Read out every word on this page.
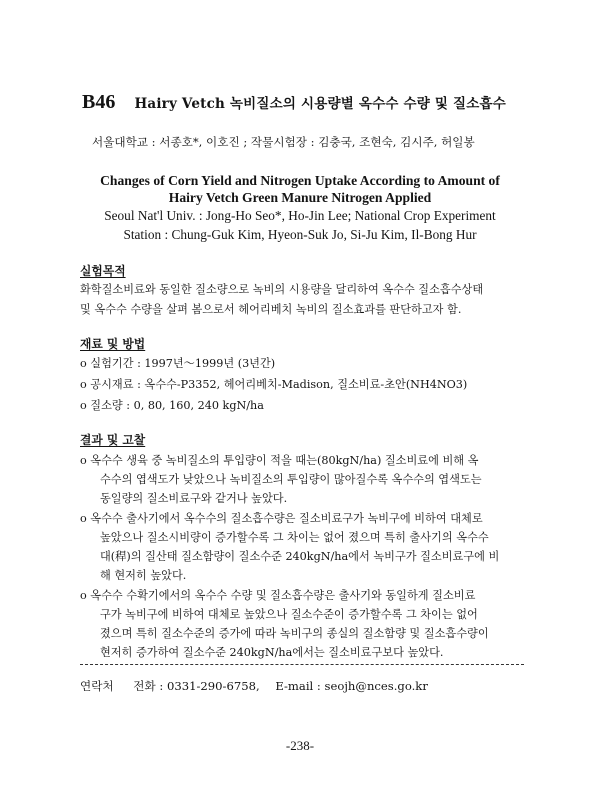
B46 Hairy Vetch 녹비질소의 시용량별 옥수수 수량 및 질소흡수
서울대학교 : 서종호*, 이호진 ; 작물시험장 : 김충국, 조현숙, 김시주, 허일봉
Changes of Corn Yield and Nitrogen Uptake According to Amount of
Hairy Vetch Green Manure Nitrogen Applied
Seoul Nat'l Univ. : Jong-Ho Seo*, Ho-Jin Lee; National Crop Experiment
Station : Chung-Guk Kim, Hyeon-Suk Jo, Si-Ju Kim, Il-Bong Hur
실험목적
화학질소비료와 동일한 질소량으로 녹비의 시용량을 달리하여 옥수수 질소흡수상태
및 옥수수 수량을 살펴 봄으로서 헤어리베치 녹비의 질소효과를 판단하고자 함.
재료 및 방법
o 실험기간 : 1997년～1999년 (3년간)
o 공시재료 : 옥수수-P3352, 헤어리베치-Madison, 질소비료-초안(NH4NO3)
o 질소량 : 0, 80, 160, 240 kgN/ha
결과 및 고찰
o 옥수수 생육 중 녹비질소의 투입량이 적을 때는(80kgN/ha) 질소비료에 비해 옥
수수의 엽색도가 낮았으나 녹비질소의 투입량이 많아질수록 옥수수의 엽색도는
동일량의 질소비료구와 같거나 높았다.
o 옥수수 출사기에서 옥수수의 질소흡수량은 질소비료구가 녹비구에 비하여 대체로
높았으나 질소시비량이 증가할수록 그 차이는 없어 졌으며 특히 출사기의 옥수수
대(稈)의 질산태 질소함량이 질소수준 240kgN/ha에서 녹비구가 질소비료구에 비
해 현저히 높았다.
o 옥수수 수확기에서의 옥수수 수량 및 질소흡수량은 출사기와 동일하게 질소비료
구가 녹비구에 비하여 대체로 높았으나 질소수준이 증가할수록 그 차이는 없어
졌으며 특히 질소수준의 증가에 따라 녹비구의 종실의 질소함량 및 질소흡수량이
현저히 증가하여 질소수준 240kgN/ha에서는 질소비료구보다 높았다.
연락처 전화 : 0331-290-6758, E-mail : seojh@nces.go.kr
-238-
